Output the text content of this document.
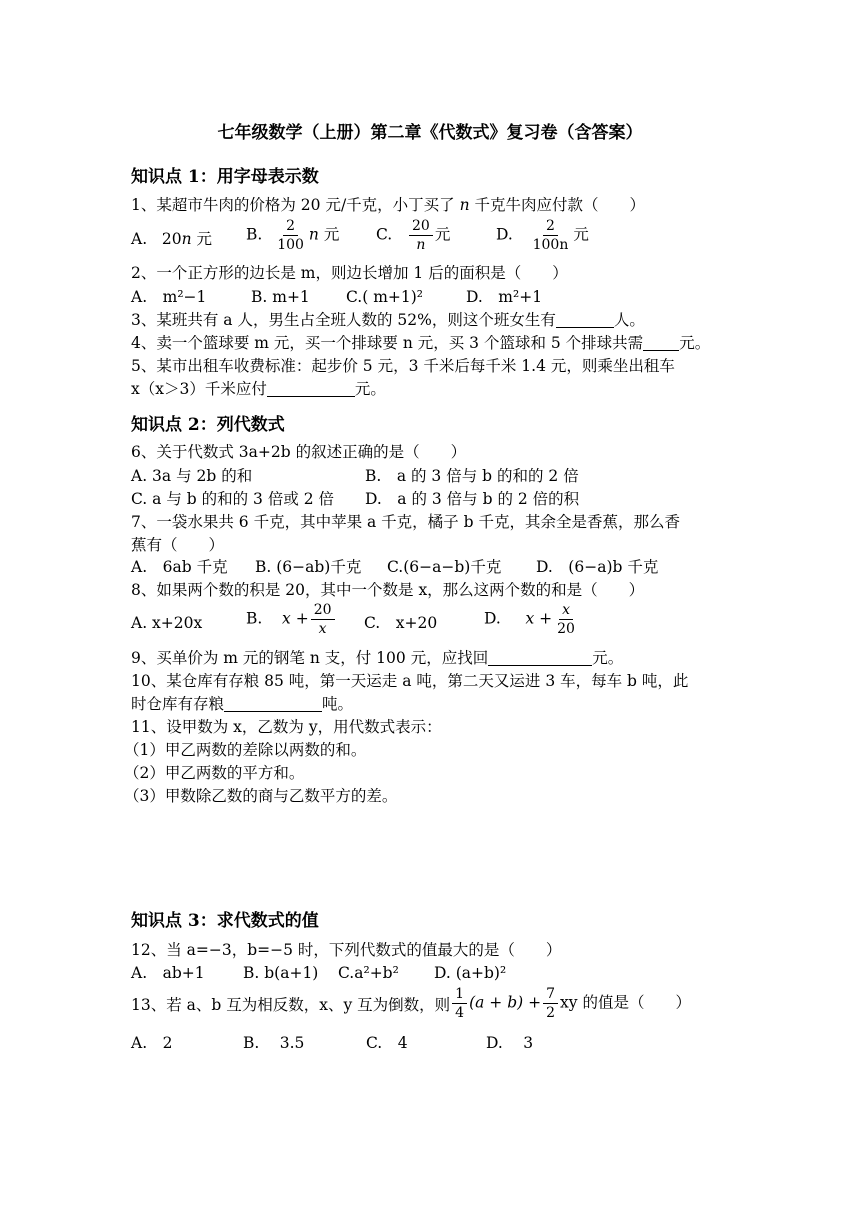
七年级数学（上册）第二章《代数式》复习卷（含答案）
知识点 1：用字母表示数
1、某超市牛肉的价格为 20 元/千克，小丁买了 n 千克牛肉应付款（　　）
A. 20n 元 B. $\frac{2}{100}$ n 元 C. $\frac{20}{n}$ 元	D. $\frac{2}{100n}$ 元
2、一个正方形的边长是 m，则边长增加 1 后的面积是（　　）
A.　m²−1	B. m+1 C.( m+1)²	D.　m²+1
3、某班共有 a 人，男生占全班人数的 52%，则这个班女生有	人。
4、卖一个篮球要 m 元，买一个排球要 n 元，买 3 个篮球和 5 个排球共需 元。
5、某市出租车收费标准：起步价 5 元，3 千米后每千米 1.4 元，则乘坐出租车
x（x＞3）千米应付	元。
知识点 2：列代数式
6、关于代数式 3a+2b 的叙述正确的是（　　）
A. 3a 与 2b 的和	B.　a 的 3 倍与 b 的和的 2 倍
C. a 与 b 的和的 3 倍或 2 倍 D.　a 的 3 倍与 b 的 2 倍的积
7、一袋水果共 6 千克，其中苹果 a 千克，橘子 b 千克，其余全是香蕉，那么香
蕉有（　　）
A.　6ab 千克 B. (6−ab)千克 C.(6−a−b)千克 D.　(6−a)b 千克
8、如果两个数的积是 20，其中一个数是 x，那么这两个数的和是（　　）
A. x+20x	B. $x + \frac{20}{x} C$.　x+20	D. $x + \frac{x}{20}$
9、买单价为 m 元的钢笔 n 支，付 100 元，应找回	元。
10、某仓库有存粮 85 吨，第一天运走 a 吨，第二天又运进 3 车，每车 b 吨，此
时仓库有存粮	吨。
11、设甲数为 x，乙数为 y，用代数式表示：
（1）甲乙两数的差除以两数的和。
（2）甲乙两数的平方和。
（3）甲数除乙数的商与乙数平方的差。
知识点 3：求代数式的值
12、当 a=−3，b=−5 时，下列代数式的值最大的是（　　）
A.　ab+1 B. b(a+1) C.a²+b² D. (a+b)²
13、若 a、b 互为相反数，x、y 互为倒数，则 $\frac{1}{4} (a + b) + \frac{7}{2}$ xy 的值是（　　）
A.　2	B.　 3.5	C.　4	D.　 3
